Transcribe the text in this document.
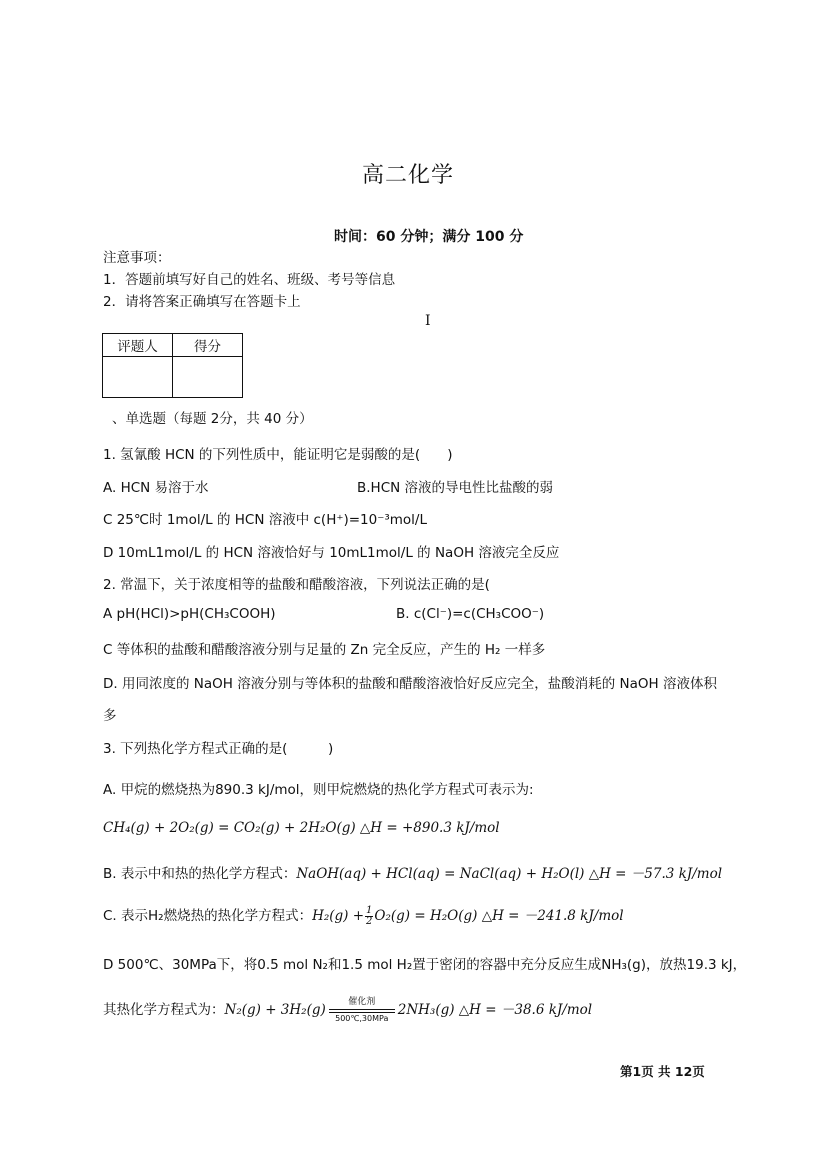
高二化学
时间：60 分钟；满分 100 分
注意事项：
1．答题前填写好自己的姓名、班级、考号等信息
2．请将答案正确填写在答题卡上
I
评题人	得分

、单选题（每题 2分，共 40 分）
1. 氢氰酸 HCN 的下列性质中，能证明它是弱酸的是(　　)
A. HCN 易溶于水	B.HCN 溶液的导电性比盐酸的弱
C 25℃时 1mol/L 的 HCN 溶液中 c(H⁺)=10⁻³mol/L
D 10mL1mol/L 的 HCN 溶液恰好与 10mL1mol/L 的 NaOH 溶液完全反应
2. 常温下，关于浓度相等的盐酸和醋酸溶液，下列说法正确的是(
A pH(HCl)>pH(CH₃COOH)	B. c(Cl⁻)=c(CH₃COO⁻)
C 等体积的盐酸和醋酸溶液分别与足量的 Zn 完全反应，产生的 H₂ 一样多
D. 用同浓度的 NaOH 溶液分别与等体积的盐酸和醋酸溶液恰好反应完全，盐酸消耗的 NaOH 溶液体积
多
3. 下列热化学方程式正确的是(　　　)
A. 甲烷的燃烧热为890.3 kJ/mol，则甲烷燃烧的热化学方程式可表示为:
CH₄(g) + 2O₂(g) = CO₂(g) + 2H₂O(g) △H = +890.3 kJ/mol
B. 表示中和热的热化学方程式：NaOH(aq) + HCl(aq) = NaCl(aq) + H₂O(l) △H = －57.3 kJ/mol
C. 表示H₂燃烧热的热化学方程式：$H_2(g) + \frac{1}{2} O_2(g) = H_2O(g)$ △H = －241.8 kJ/mol
D 500℃、30MPa下，将0.5 mol N₂和1.5 mol H₂置于密闭的容器中充分反应生成NH₃(g)，放热19.3 kJ，
其热化学方程式为：N₂(g) + 3H₂(g)	催化剂
500℃,30MPa
2NH₃(g) △H = －38.6 kJ/mol
第1页 共 12页
